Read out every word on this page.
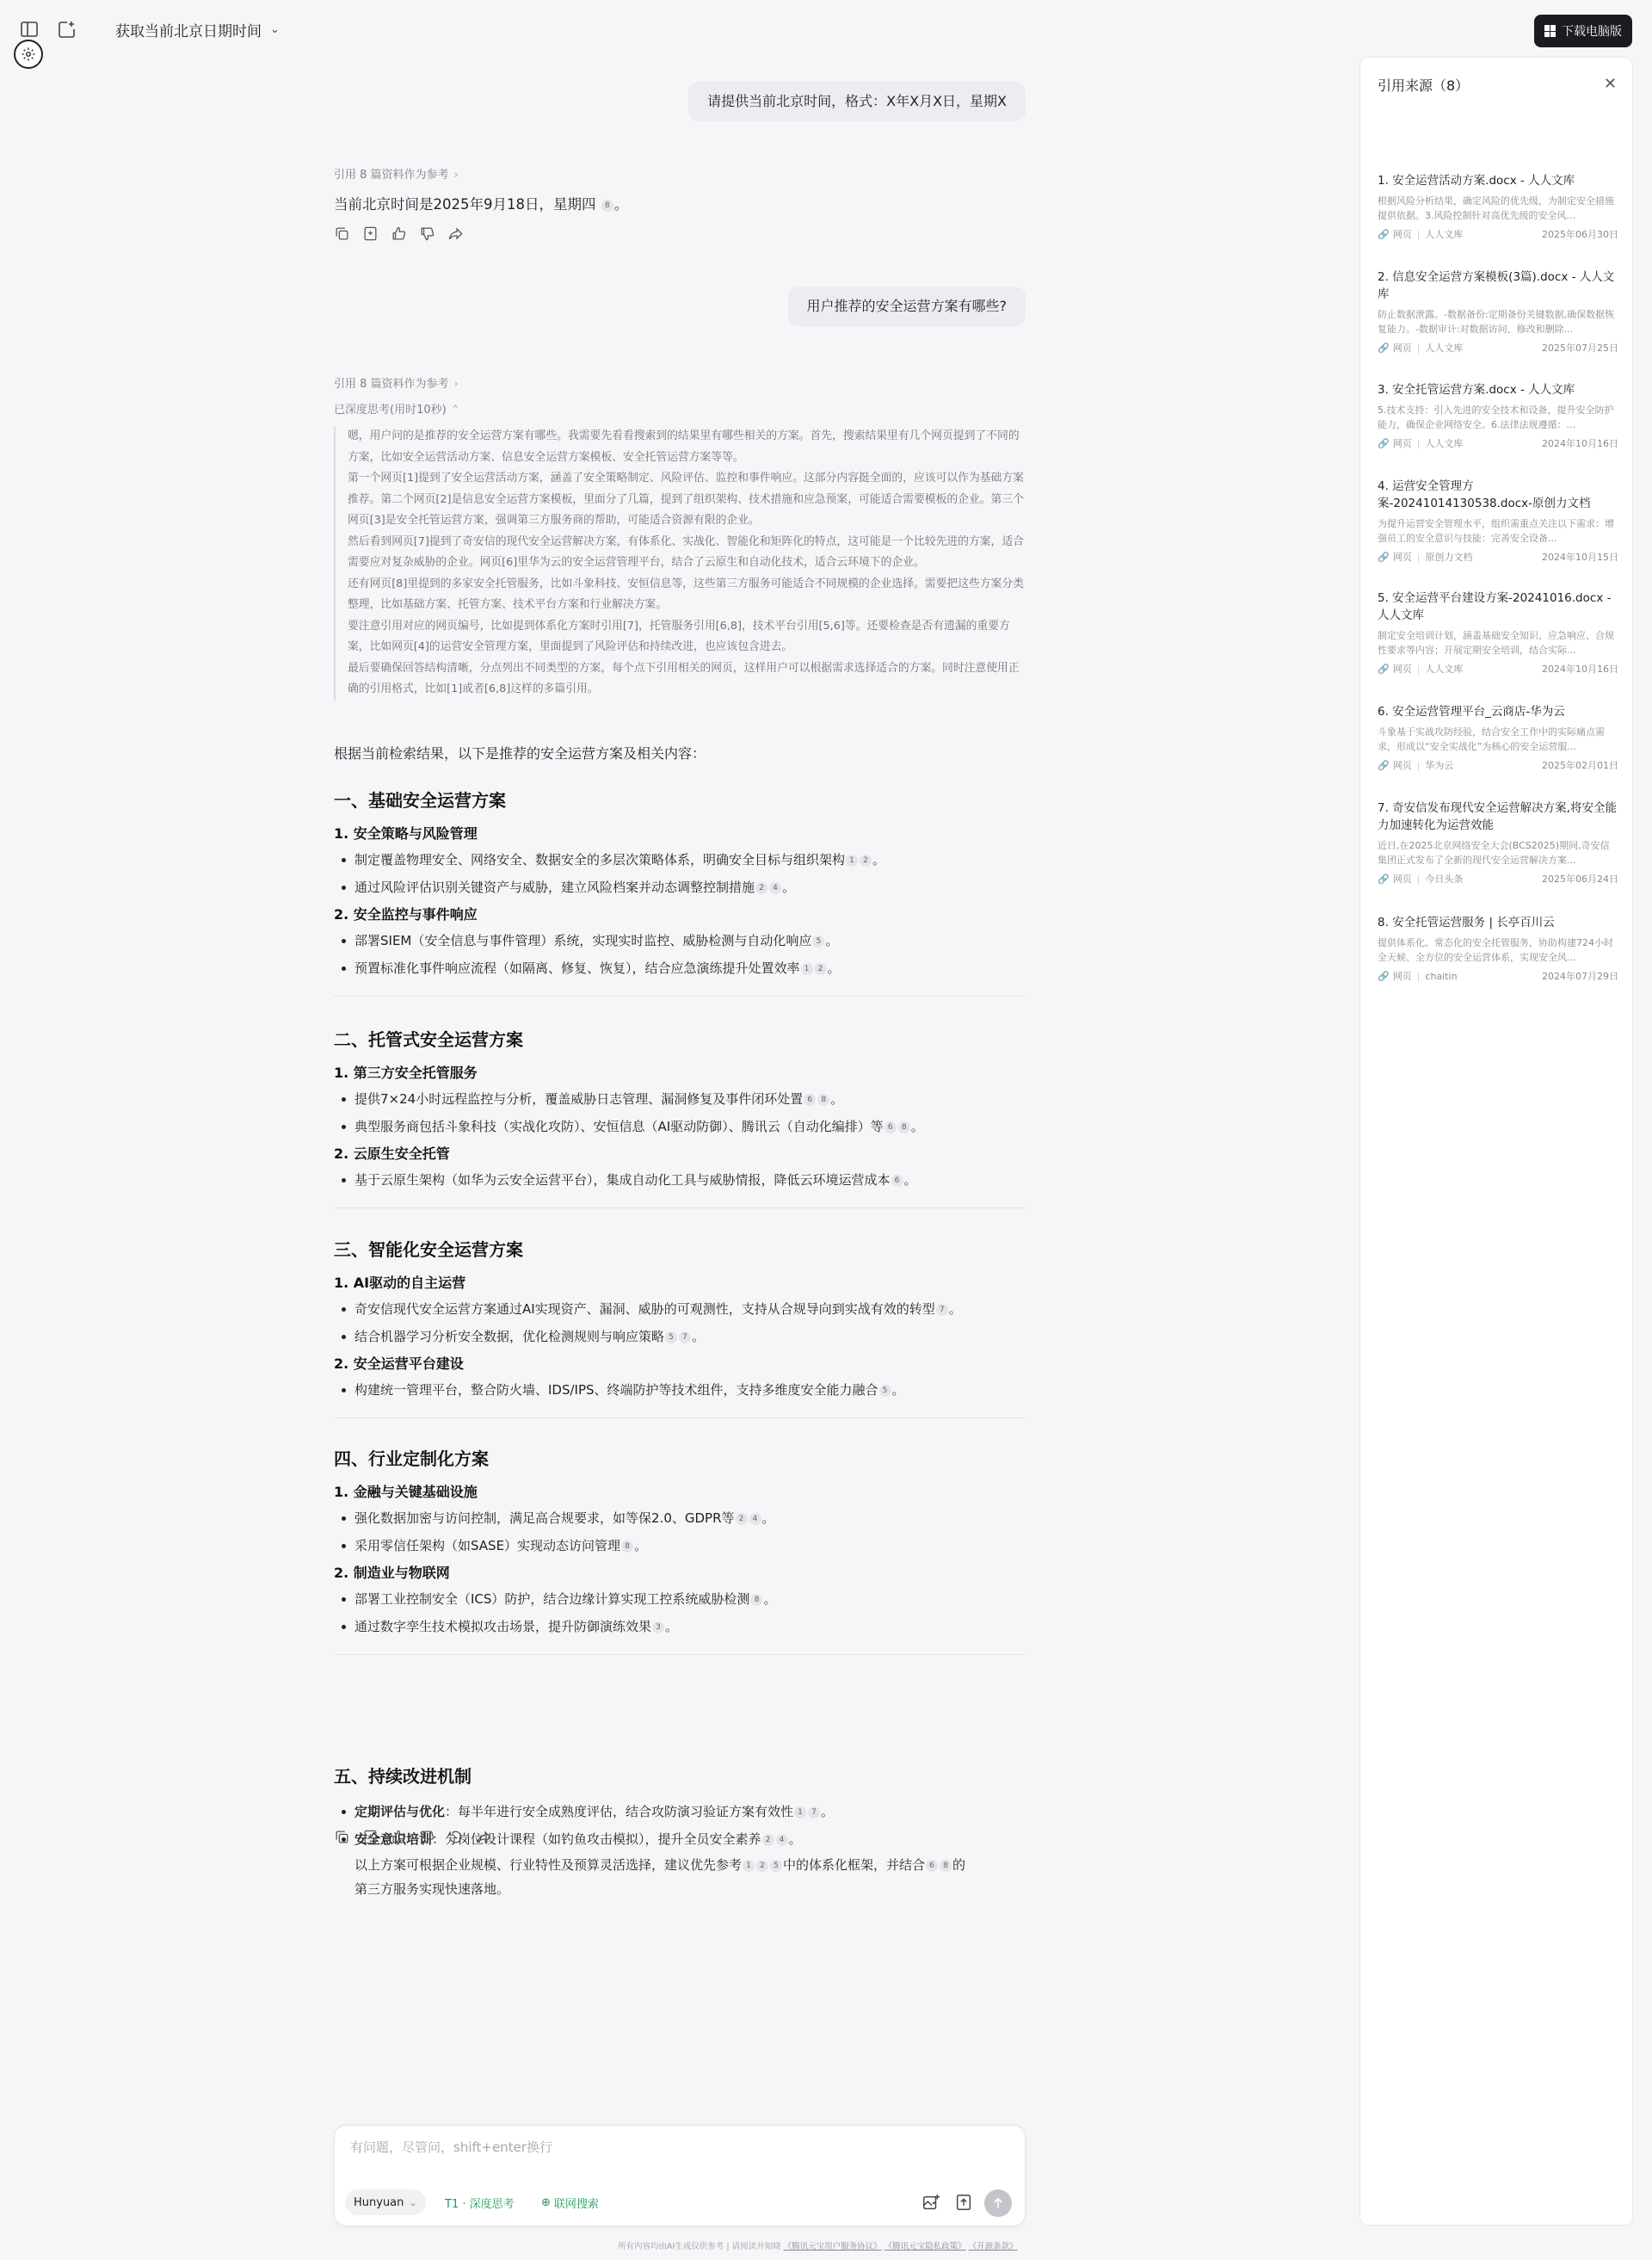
获取当前北京日期时间 ⌄	下载电脑版
请提供当前北京时间，格式：X年X月X日，星期X
引用 8 篇资料作为参考 ›
当前北京时间是2025年9月18日，星期四 8 。
用户推荐的安全运营方案有哪些?
引用 8 篇资料作为参考 ›
已深度思考(用时10秒) ⌃

嗯，用户问的是推荐的安全运营方案有哪些。我需要先看看搜索到的结果里有哪些相关的方案。首先，搜索结果里有几个网页提到了不同的方案，比如安全运营活动方案、信息安全运营方案模板、安全托管运营方案等等。

第一个网页[1]提到了安全运营活动方案，涵盖了安全策略制定、风险评估、监控和事件响应。这部分内容挺全面的，应该可以作为基础方案推荐。第二个网页[2]是信息安全运营方案模板，里面分了几篇，提到了组织架构、技术措施和应急预案，可能适合需要模板的企业。第三个网页[3]是安全托管运营方案，强调第三方服务商的帮助，可能适合资源有限的企业。

然后看到网页[7]提到了奇安信的现代安全运营解决方案，有体系化、实战化、智能化和矩阵化的特点，这可能是一个比较先进的方案，适合需要应对复杂威胁的企业。网页[6]里华为云的安全运营管理平台，结合了云原生和自动化技术，适合云环境下的企业。

还有网页[8]里提到的多家安全托管服务，比如斗象科技、安恒信息等，这些第三方服务可能适合不同规模的企业选择。需要把这些方案分类整理，比如基础方案、托管方案、技术平台方案和行业解决方案。

要注意引用对应的网页编号，比如提到体系化方案时引用[7]，托管服务引用[6,8]，技术平台引用[5,6]等。还要检查是否有遗漏的重要方案，比如网页[4]的运营安全管理方案，里面提到了风险评估和持续改进，也应该包含进去。

最后要确保回答结构清晰，分点列出不同类型的方案，每个点下引用相关的网页，这样用户可以根据需求选择适合的方案。同时注意使用正确的引用格式，比如[1]或者[6,8]这样的多篇引用。

根据当前检索结果，以下是推荐的安全运营方案及相关内容：
一、基础安全运营方案
1. 安全策略与风险管理
制定覆盖物理安全、网络安全、数据安全的多层次策略体系，明确安全目标与组织架构 1 2 。
通过风险评估识别关键资产与威胁，建立风险档案并动态调整控制措施 2 4 。
2. 安全监控与事件响应
部署SIEM（安全信息与事件管理）系统，实现实时监控、威胁检测与自动化响应 5 。
预置标准化事件响应流程（如隔离、修复、恢复），结合应急演练提升处置效率 1 2 。
二、托管式安全运营方案
1. 第三方安全托管服务
提供7×24小时远程监控与分析，覆盖威胁日志管理、漏洞修复及事件闭环处置 6 8 。
典型服务商包括斗象科技（实战化攻防）、安恒信息（AI驱动防御）、腾讯云（自动化编排）等 6 8 。
2. 云原生安全托管
基于云原生架构（如华为云安全运营平台），集成自动化工具与威胁情报，降低云环境运营成本 6 。
三、智能化安全运营方案
1. AI驱动的自主运营
奇安信现代安全运营方案通过AI实现资产、漏洞、威胁的可观测性，支持从合规导向到实战有效的转型 7 。
结合机器学习分析安全数据，优化检测规则与响应策略 5 7 。
2. 安全运营平台建设
构建统一管理平台，整合防火墙、IDS/IPS、终端防护等技术组件，支持多维度安全能力融合 5 。
四、行业定制化方案
1. 金融与关键基础设施
强化数据加密与访问控制，满足高合规要求，如等保2.0、GDPR等 2 4 。
采用零信任架构（如SASE）实现动态访问管理 8 。
2. 制造业与物联网
部署工业控制安全（ICS）防护，结合边缘计算实现工控系统威胁检测 8 。
通过数字孪生技术模拟攻击场景，提升防御演练效果 3 。
五、持续改进机制
定期评估与优化：每半年进行安全成熟度评估，结合攻防演习验证方案有效性 1 7 。
安全意识培训：分岗位设计课程（如钓鱼攻击模拟），提升全员安全素养 2 4 。
以上方案可根据企业规模、行业特性及预算灵活选择，建议优先参考 1 2 5 中的体系化框架，并结合 6 8 的
第三方服务实现快速落地。
有问题，尽管问，shift+enter换行
Hunyuan ⌄ T1 · 深度思考 ⊕ 联网搜索
所有内容均由AI生成仅供参考 | 请阅读并知晓 《腾讯元宝用户服务协议》 《腾讯元宝隐私政策》 《开源条款》
引用来源（8）	✕
1. 安全运营活动方案.docx - 人人文库
根据风险分析结果，确定风险的优先级，为制定安全措施提供依据。3.风险控制针对高优先级的安全风...
🔗 网页 | 人人文库	2025年06月30日
2. 信息安全运营方案模板(3篇).docx - 人人文库
防止数据泄露。-数据备份:定期备份关键数据,确保数据恢复能力。-数据审计:对数据访问、修改和删除...
🔗 网页 | 人人文库	2025年07月25日
3. 安全托管运营方案.docx - 人人文库
5.技术支持：引入先进的安全技术和设备，提升安全防护能力，确保企业网络安全。6.法律法规遵循：...
🔗 网页 | 人人文库	2024年10月16日
4. 运营安全管理方案-20241014130538.docx-原创力文档
为提升运营安全管理水平，组织需重点关注以下需求：增强员工的安全意识与技能：完善安全设备...
🔗 网页 | 原创力文档	2024年10月15日
5. 安全运营平台建设方案-20241016.docx - 人人文库
制定安全培训计划，涵盖基础安全知识、应急响应、合规性要求等内容；开展定期安全培训，结合实际...
🔗 网页 | 人人文库	2024年10月16日
6. 安全运营管理平台_云商店-华为云
斗象基于实战攻防经验，结合安全工作中的实际痛点需求，形成以“安全实战化”为核心的安全运营服...
🔗 网页 | 华为云	2025年02月01日
7. 奇安信发布现代安全运营解决方案,将安全能力加速转化为运营效能
近日,在2025北京网络安全大会(BCS2025)期间,奇安信集团正式发布了全新的现代安全运营解决方案...
🔗 网页 | 今日头条	2025年06月24日
8. 安全托管运营服务 | 长亭百川云
提供体系化、常态化的安全托管服务，协助构建724小时全天候、全方位的安全运营体系，实现安全风...
🔗 网页 | chaitin	2024年07月29日
